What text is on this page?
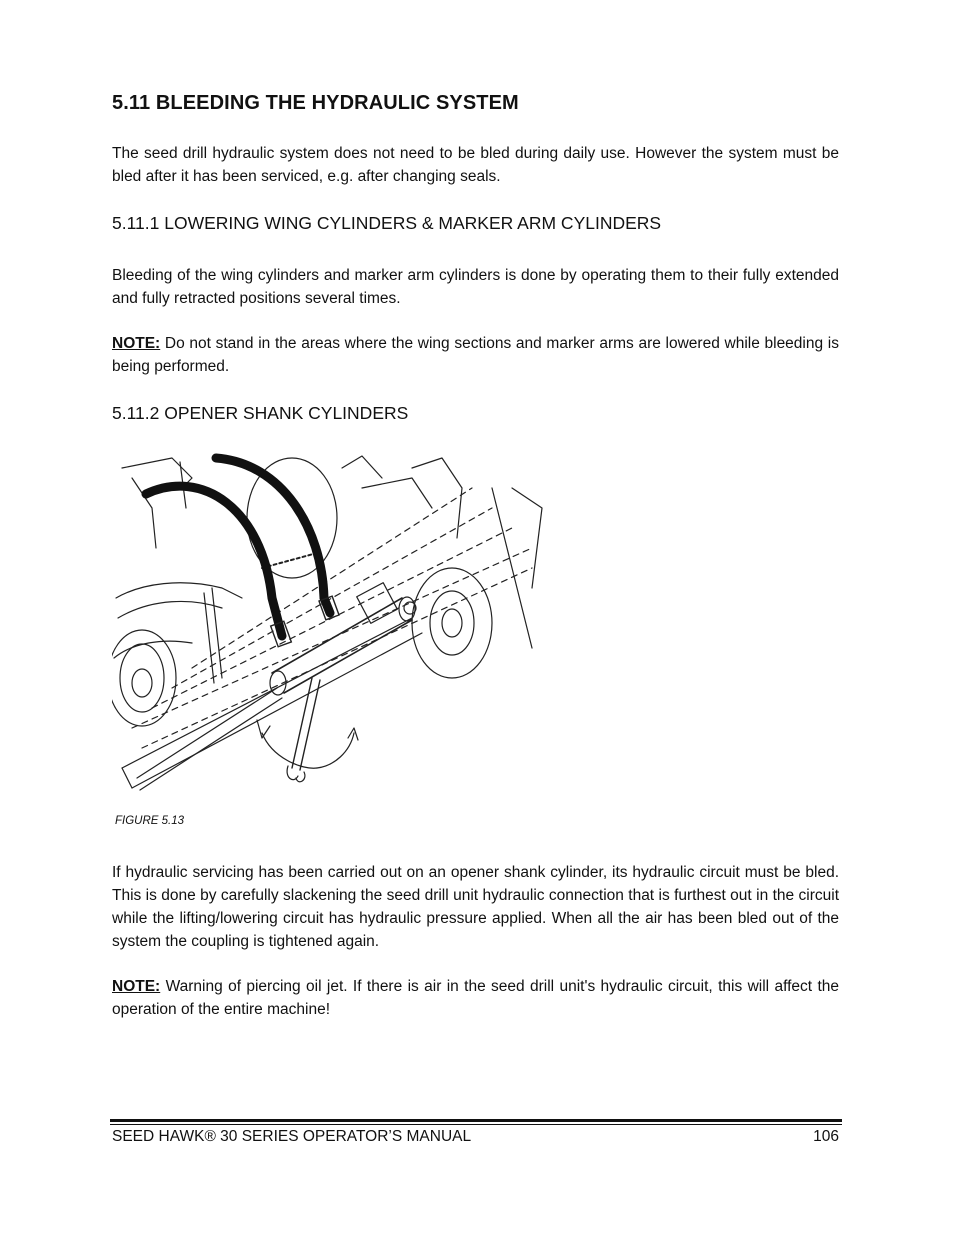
5.11 BLEEDING THE HYDRAULIC SYSTEM
The seed drill hydraulic system does not need to be bled during daily use. However the system must be bled after it has been serviced, e.g. after changing seals.
5.11.1 LOWERING WING CYLINDERS & MARKER ARM CYLINDERS
Bleeding of the wing cylinders and marker arm cylinders is done by operating them to their fully extended and fully retracted positions several times.
NOTE: Do not stand in the areas where the wing sections and marker arms are lowered while bleeding is being performed.
5.11.2 OPENER SHANK CYLINDERS
FIGURE 5.13
If hydraulic servicing has been carried out on an opener shank cylinder, its hydraulic circuit must be bled. This is done by carefully slackening the seed drill unit hydraulic connection that is furthest out in the circuit while the lifting/lowering circuit has hydraulic pressure applied. When all the air has been bled out of the system the coupling is tightened again.
NOTE: Warning of piercing oil jet. If there is air in the seed drill unit's hydraulic circuit, this will affect the operation of the entire machine!
SEED HAWK® 30 SERIES OPERATOR’S MANUAL	106
